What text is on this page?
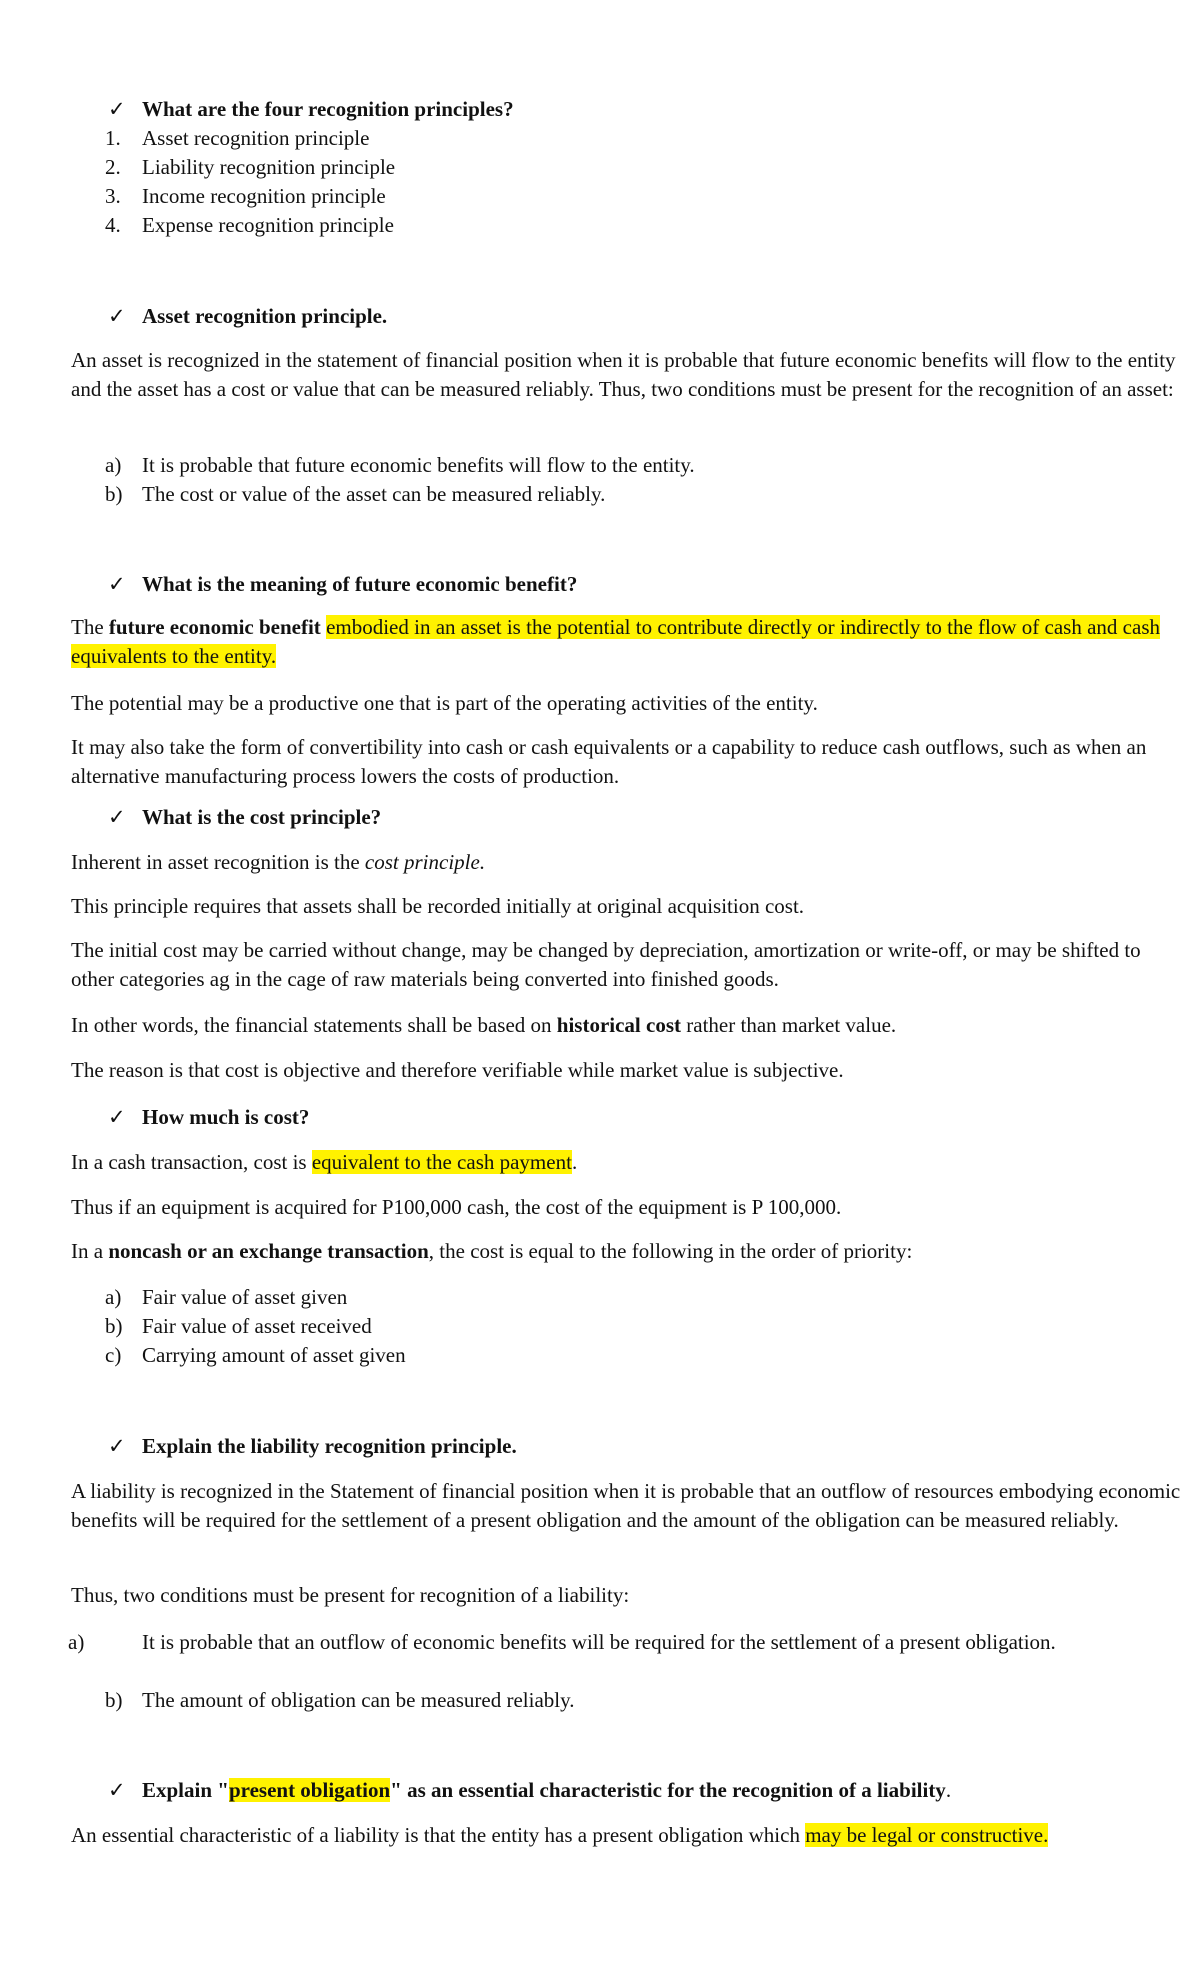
✓ What are the four recognition principles?
1. Asset recognition principle
2. Liability recognition principle
3. Income recognition principle
4. Expense recognition principle
✓ Asset recognition principle.

An asset is recognized in the statement of financial position when it is probable that future economic benefits will flow to the entity and the asset has a cost or value that can be measured reliably. Thus, two conditions must be present for the recognition of an asset:

a) It is probable that future economic benefits will flow to the entity.
b) The cost or value of the asset can be measured reliably.
✓ What is the meaning of future economic benefit?

The future economic benefit embodied in an asset is the potential to contribute directly or indirectly to the flow of cash and cash equivalents to the entity.

The potential may be a productive one that is part of the operating activities of the entity.

It may also take the form of convertibility into cash or cash equivalents or a capability to reduce cash outflows, such as when an alternative manufacturing process lowers the costs of production.

✓ What is the cost principle?

Inherent in asset recognition is the cost principle.

This principle requires that assets shall be recorded initially at original acquisition cost.

The initial cost may be carried without change, may be changed by depreciation, amortization or write-off, or may be shifted to other categories ag in the cage of raw materials being converted into finished goods.

In other words, the financial statements shall be based on historical cost rather than market value.

The reason is that cost is objective and therefore verifiable while market value is subjective.

✓ How much is cost?

In a cash transaction, cost is equivalent to the cash payment.

Thus if an equipment is acquired for P100,000 cash, the cost of the equipment is P 100,000.

In a noncash or an exchange transaction, the cost is equal to the following in the order of priority:

a) Fair value of asset given
b) Fair value of asset received
c) Carrying amount of asset given
✓ Explain the liability recognition principle.

A liability is recognized in the Statement of financial position when it is probable that an outflow of resources embodying economic benefits will be required for the settlement of a present obligation and the amount of the obligation can be measured reliably.

Thus, two conditions must be present for recognition of a liability:

a)	It is probable that an outflow of economic benefits will be required for the settlement of a present obligation.
b) The amount of obligation can be measured reliably.
✓ Explain "present obligation" as an essential characteristic for the recognition of a liability.

An essential characteristic of a liability is that the entity has a present obligation which may be legal or constructive.
